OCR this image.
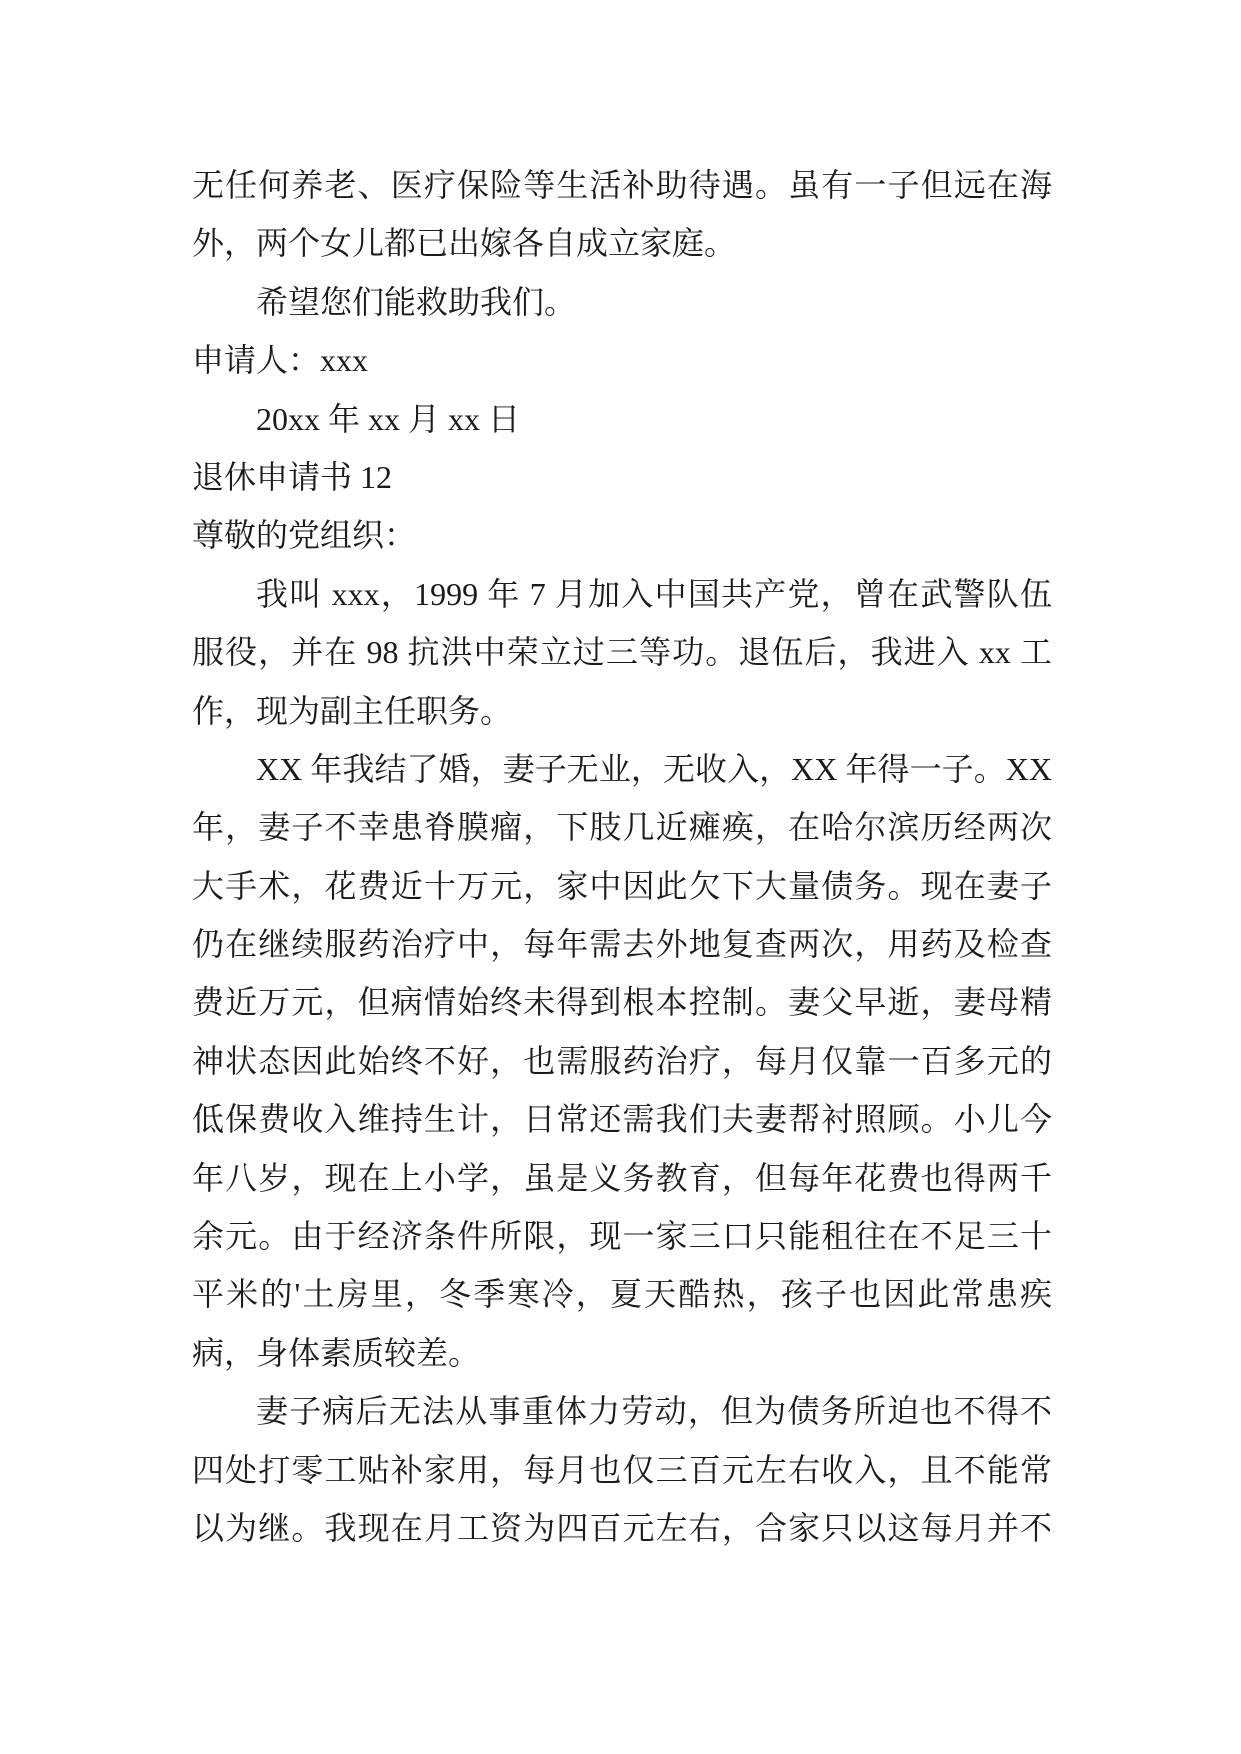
无任何养老、医疗保险等生活补助待遇。虽有一子但远在海
外，两个女儿都已出嫁各自成立家庭。
希望您们能救助我们。
申请人：xxx
20xx 年 xx 月 xx 日
退休申请书 12
尊敬的党组织：
我叫 xxx，1999 年 7 月加入中国共产党，曾在武警队伍
服役，并在 98 抗洪中荣立过三等功。退伍后，我进入 xx 工
作，现为副主任职务。
XX 年我结了婚，妻子无业，无收入，XX 年得一子。XX
年，妻子不幸患脊膜瘤，下肢几近瘫痪，在哈尔滨历经两次
大手术，花费近十万元，家中因此欠下大量债务。现在妻子
仍在继续服药治疗中，每年需去外地复查两次，用药及检查
费近万元，但病情始终未得到根本控制。妻父早逝，妻母精
神状态因此始终不好，也需服药治疗，每月仅靠一百多元的
低保费收入维持生计，日常还需我们夫妻帮衬照顾。小儿今
年八岁，现在上小学，虽是义务教育，但每年花费也得两千
余元。由于经济条件所限，现一家三口只能租往在不足三十
平米的'土房里，冬季寒冷，夏天酷热，孩子也因此常患疾
病，身体素质较差。
妻子病后无法从事重体力劳动，但为债务所迫也不得不
四处打零工贴补家用，每月也仅三百元左右收入，且不能常
以为继。我现在月工资为四百元左右，合家只以这每月并不
